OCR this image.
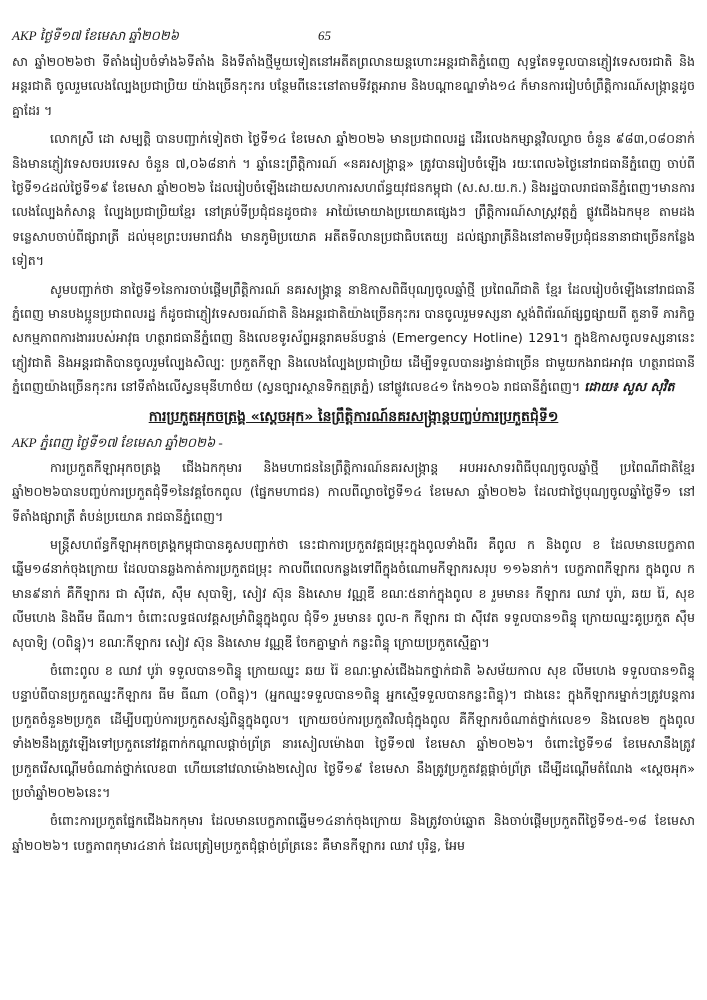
AKP ថ្ងៃទី១៧ ខែមេសា ឆ្នាំ២០២៦	65

សា ឆ្នាំ២០២៦ថា ទីតាំងរៀបចំទាំង៦ទីតាំង និងទីតាំងថ្មីមួយទៀតនៅអតីតព្រលានយន្តហោះអន្តរជាតិភ្នំពេញ សុទ្ធតែទទួលបានភ្ញៀវទេសចរជាតិ និងអន្តរជាតិ ចូលរួមលេងល្បែងប្រជាប្រិយ យ៉ាងច្រើនកុះករ បន្ថែមពីនេះនៅតាមទីវត្តអារាម និងបណ្តាខណ្ឌទាំង១៤ ក៏មានការរៀបចំព្រឹត្តិការណ៍សង្ក្រាន្តដូចគ្នាដែរ ។

លោកស្រី ដោ សម្បត្តិ បានបញ្ជាក់ទៀតថា ថ្ងៃទី១៤ ខែមេសា ឆ្នាំ២០២៦ មានប្រជាពលរដ្ឋ ដើរលេងកម្សាន្តវិលល្ងាច ចំនួន ៩៨៣,០៨០នាក់ និងមានភ្ញៀវទេសចរបរទេស ចំនួន ៧,០៦៨នាក់ ។ ឆ្នាំនេះព្រឹត្តិការណ៍ «នគរសង្ក្រាន្ត» ត្រូវបានរៀបចំឡើង រយៈពេល៦ថ្ងៃនៅរាជធានីភ្នំពេញ ចាប់ពីថ្ងៃទី១៤ដល់ថ្ងៃទី១៩ ខែមេសា ឆ្នាំ២០២៦ ដែលរៀបចំឡើងដោយសហការសហព័ន្ធយុវជនកម្ពុជា (ស.ស.យ.ក.) និងរដ្ឋបាលរាជធានីភ្នំពេញ។មានការលេងល្បែងកំសាន្ត ល្បែងប្រជាប្រិយខ្មែរ នៅគ្រប់ទីប្រជុំជនដូចជា៖ អាយ៉ៃមោយាងប្រយោគផ្សេងៗ ព្រឹត្តិការណ៍សាស្រ្តវត្តភ្នំ ផ្លូវជើងឯកមុខ តាមដងទន្លេសាបចាប់ពីផ្សារាត្រី ដល់មុខព្រះបរមរាជវាំង មានភូមិប្រយោគ អតីតទីលានប្រជាធិបតេយ្យ ដល់ផ្សារាត្រីនិងនៅតាមទីប្រជុំជននានាជាច្រើនកន្លែងទៀត។

សូមបញ្ជាក់ថា នាថ្ងៃទី១នៃការចាប់ផ្តើមព្រឹត្តិការណ៍ នគរសង្ក្រាន្ត នាឱកាសពិធីបុណ្យចូលឆ្នាំថ្មី ប្រពៃណីជាតិ ខ្មែរ ដែលរៀបចំឡើងនៅរាជធានីភ្នំពេញ មានបងប្អូនប្រជាពលរដ្ឋ ក៏ដូចជាភ្ញៀវទេសចរណ៍ជាតិ និងអន្តរជាតិយ៉ាងច្រើនកុះករ បានចូលរួមទស្សនា ស្តង់ពិព័រណ៍ផ្សព្វផ្សាយពី តួនាទី ភារកិច្ច សកម្មភាពការងាររបស់អាវុធ ហត្ថរាជធានីភ្នំពេញ និងលេខទូរស័ព្ទអន្តរាគមន៍បន្ទាន់ (Emergency Hotline) 1291។ ក្នុងឱកាសចូលទស្សនានេះ ភ្ញៀវជាតិ និងអន្តរជាតិបានចូលរួមល្បែងសិល្បៈ ប្រកួតកីឡា និងលេងល្បែងប្រជាប្រិយ ដើម្បីទទួលបានរង្វាន់ជាច្រើន ជាមួយកងរាជអាវុធ ហត្ថរាជធានីភ្នំពេញយ៉ាងច្រើនកុះករ នៅទីតាំងលើស្វនមុនីហាថ៌យ (ស្វនច្បារស្ថានទិកត្មត្រភ្នំ) នៅផ្លូវលេខ៤១ កែង១០៦ រាជធានីភ្នំពេញ។ ដោយ៖ សួស សុវិត

ការប្រកួតអុកចត្រង្គ «ស្តេចអុក» នៃព្រឹត្តិការណ៍នគរសង្ក្រាន្តបញ្ចប់ការប្រកួតជុំទី១
AKP ភ្នំពេញ ថ្ងៃទី១៧ ខែមេសា ឆ្នាំ២០២៦ -

ការប្រកួតកីឡាអុកចត្រង្គ ជើងឯកកុមារ និងមហាជននៃព្រឹត្តិការណ៍នគរសង្ក្រាន្ត អបអរសាទរពិធីបុណ្យចូលឆ្នាំថ្មី ប្រពៃណីជាតិខ្មែរ ឆ្នាំ២០២៦បានបញ្ចប់ការប្រកួតជុំទី១នៃវគ្គចែកពូល (ផ្នែកមហាជន) កាលពីល្ងាចថ្ងៃទី១៤ ខែមេសា ឆ្នាំ២០២៦ ដែលជាថ្ងៃបុណ្យចូលឆ្នាំថ្ងៃទី១ នៅទីតាំងផ្សារាត្រី តំបន់ប្រយោគ រាជធានីភ្នំពេញ។

មន្ត្រីសហព័ន្ធកីឡាអុកចត្រង្គកម្ពុជាបានគូសបញ្ជាក់ថា នេះជាការប្រកួតវគ្គជម្រុះក្នុងពូលទាំងពីរ គឺពូល ក និងពូល ខ ដែលមានបេក្ខភាពឆ្នើម១៨នាក់ចុងក្រោយ ដែលបានឆ្លងកាត់ការប្រកួតជម្រុះ កាលពីពេលកន្លងទៅពីក្នុងចំណោមកីឡាករសរុប ១១៦នាក់។ បេក្ខភាពកីឡាករ ក្នុងពូល ក មាន៩នាក់ គឺកីឡាករ ជា ស៊ីវេត, ស៊ឹម សុបាទិ្យ, សៀវ ស៊ុន និងសោម វណ្ណឌី ខណៈ៥នាក់ក្នុងពូល ខ រួមមាន៖ កីឡាករ ឈាវ បូរ៉ា, ឆយ រ៉ៃ, សុខ លីមហេង និងធីម ធីណា។ ចំពោះលទ្ធផលវគ្គសម្រាំពិន្ទុក្នុងពូល ជុំទី១ រួមមាន៖ ពូល-ក កីឡាករ ជា ស៊ីវេត ទទួលបាន១ពិន្ទុ ក្រោយឈ្នះគូប្រកួត ស៊ឹម សុបាទិ្យ (០ពិន្ទុ)។ ខណៈកីឡាករ សៀវ ស៊ុន និងសោម វណ្ណឌី ចែកគ្នាម្នាក់ កន្លះពិន្ទុ ក្រោយប្រកួតស្មើគ្នា។

ចំពោះពូល ខ ឈាវ បូរ៉ា ទទួលបាន១ពិន្ទុ ក្រោយឈ្នះ ឆយ រ៉ៃ ខណៈម្ចាស់ជើងឯកថ្នាក់ជាតិ ៦សម័យកាល សុខ លីមហេង ទទួលបាន១ពិន្ទុ បន្ទាប់ពីបានប្រកួតឈ្នះកីឡាករ ធីម ធីណា (០ពិន្ទុ)។ (អ្នកឈ្នះទទួលបាន១ពិន្ទុ អ្នកស្មើទទួលបានកន្លះពិន្ទុ)។ ជាងនេះ ក្នុងកីឡាករម្នាក់ៗត្រូវបន្តការប្រកួតចំនួន២ប្រកួត ដើម្បីបញ្ចប់ការប្រកួតសន្សំពិន្ទុក្នុងពូល។ ក្រោយចប់ការប្រកួតវិលជុំក្នុងពូល គឺកីឡាករចំណាត់ថ្នាក់លេខ១ និងលេខ២ ក្នុងពូលទាំង២នឹងត្រូវឡើងទៅប្រកួតនៅវគ្គពាក់កណ្តាលផ្តាច់ព្រ័ត្រ នារសៀលម៉ោង៣ ថ្ងៃទី១៧ ខែមេសា ឆ្នាំ២០២៦។ ចំពោះថ្ងៃទី១៨ ខែមេសានឹងត្រូវប្រកួតរើសណ្តើមចំណាត់ថ្នាក់លេខ៣ ហើយនៅវេលាម៉ោង២សៀល ថ្ងៃទី១៩ ខែមេសា នឹងត្រូវប្រកួតវគ្គផ្តាច់ព្រ័ត្រ ដើម្បីដណ្តើមតំណែង «ស្តេចអុក» ប្រចាំឆ្នាំ២០២៦នេះ។

ចំពោះការប្រកួតផ្នែកជើងឯកកុមារ ដែលមានបេក្ខភាពឆ្នើម១៤នាក់ចុងក្រោយ និងត្រូវចាប់ឆ្នោត និងចាប់ផ្តើមប្រកួតពីថ្ងៃទី១៥-១៨ ខែមេសា ឆ្នាំ២០២៦។ បេក្ខភាពកុមារ៤នាក់ ដែលត្រៀមប្រកួតជុំផ្តាច់ព្រ័ត្រនេះ គឺមានកីឡាករ ឈាវ បុរិន្ទ, អែម
